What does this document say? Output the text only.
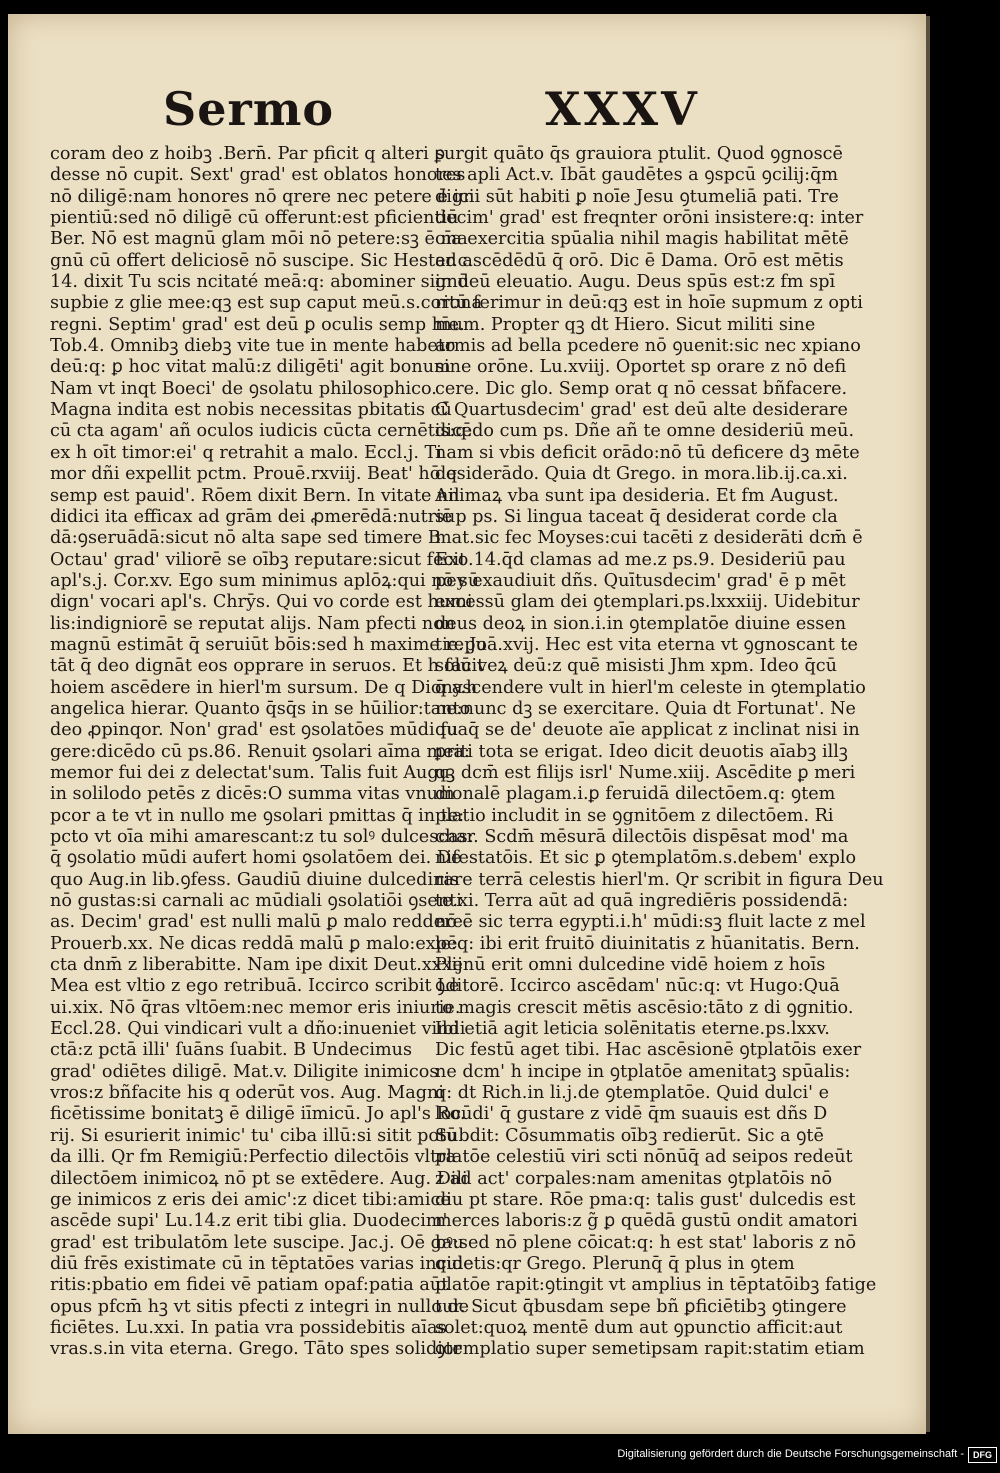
Sermo	XXXV
coram deo z hoibꝫ .Bern̄. Par pficit q alteri ꝑ
desse nō cupit. Sext' grad' est oblatos honores
nō diligē:nam honores nō qrere nec petere ē ici
pientiū:sed nō diligē cū offerunt:est pficientiū
Ber. Nō est magnū glam mōi nō petere:sꝫ ē ma
gnū cū offert deliciosē nō suscipe. Sic Hester.c.
14. dixit Tu scis ncitaté meā:q: abominer signū
supbie z glie mee:qꝫ est sup caput meū.s.corona
regni. Septim' grad' est deū ꝑ oculis semp hīe.
Tob.4. Omnibꝫ diebꝫ vite tue in mente habeto
deū:q: ꝑ hoc vitat malū:z diligēti' agit bonum
Nam vt inqt Boeci' de ꝯsolatu philosophico.
Magna indita est nobis necessitas pbitatis cū
cū cta agam' añ oculos iudicis cūcta cernētis:q:
ex h oīt timor:ei' q retrahit a malo. Eccl.j. Ti
mor dñi expellit pctm. Prouē.rxviij. Beat' hō q
semp est pauid'. Rōem dixit Bern. In vitate nil
didici ita efficax ad grām dei ꝓmerēdā:nutriē
dā:ꝯseruādā:sicut nō alta sape sed timere B
Octau' grad' viliorē se oībꝫ reputare:sicut fecit
apl's.j. Cor.xv. Ego sum minimus aplōꝝ:qui nō sū
dign' vocari apl's. Chrȳs. Qui vo corde est humi
lis:indigniorē se reputat alijs. Nam pfecti non
magnū estimāt q̄ seruiūt bōis:sed h maxime repu
tāt q̄ deo dignāt eos opprare in seruos. Et h facit
hoiem ascēdere in hierl'm sursum. De q Diony.h
angelica hierar. Quanto q̄sq̄s in se hūilior:tanto
deo ꝓpinqor. Non' grad' est ꝯsolatōes mūdi fu
gere:dicēdo cū ps.86. Renuit ꝯsolari aīma mea:
memor fui dei z delectat'sum. Talis fuit Augu.
in solilodo petēs z dicēs:O summa vitas vnum
pcor a te vt in nullo me ꝯsolari pmittas q̄ in te:
pcto vt oīa mihi amarescant:z tu solꝰ dulcescas:
q̄ ꝯsolatio mūdi aufert homi ꝯsolatōem dei. De
quo Aug.in lib.ꝯfess. Gaudiū diuine dulcedinis
nō gustas:si carnali ac mūdiali ꝯsolatiōi ꝯsenti
as. Decim' grad' est nulli malū ꝑ malo reddere.
Prouerb.xx. Ne dicas reddā malū ꝑ malo:expē
cta dnm̄ z liberabitte. Nam ipe dixit Deut.xxxij
Mea est vltio z ego retribuā. Iccirco scribit Le
ui.xix. Nō q̄ras vltōem:nec memor eris iniurie.
Eccl.28. Qui vindicari vult a dño:inueniet vindi
ctā:z pctā illi' ſuāns ſuabit. B Undecimus
grad' odiētes diligē. Mat.v. Diligite inimicos
vros:z bñfacite his q oderūt vos. Aug. Magni
ficētissime bonitatꝫ ē diligē iīmicū. Jo apl's Ro.
rij. Si esurierit inimic' tu' ciba illū:si sitit potū
da illi. Qr fm Remigiū:Perfectio dilectōis vltra
dilectōem inimicoꝝ nō pt se extēdere. Aug. Dili
ge inimicos z eris dei amic':z dicet tibi:amice
ascēde supi' Lu.14.z erit tibi glia. Duodecim'
grad' est tribulatōm lete suscipe. Jac.j. Oē gau
diū frēs existimate cū in tēptatōes varias incide
ritis:pbatio em fidei vē patiam opaf:patia aūt
opus pfcm̄ hꝫ vt sitis pfecti z integri in nullo de
ficiētes. Lu.xxi. In patia vra possidebitis aīas
vras.s.in vita eterna. Grego. Tāto spes solidior
surgit quāto q̄s grauiora ptulit. Quod ꝯgnoscē
tes apli Act.v. Ibāt gaudētes a ꝯspcū ꝯcilij:q̄m
digni sūt habiti ꝑ noīe Jesu ꝯtumeliā pati. Tre
decim' grad' est freqnter orōni insistere:q: inter
oīa exercitia spūalia nihil magis habilitat mētē
ad ascēdēdū q̄ orō. Dic ē Dama. Orō est mētis
in deū eleuatio. Augu. Deus spūs est:z fm spī
ritū ferimur in deū:qꝫ est in hoīe supmum z opti
mum. Propter qꝫ dt Hiero. Sicut militi sine
armis ad bella pcedere nō ꝯuenit:sic nec xpiano
sine orōne. Lu.xviij. Oportet sp orare z nō defi
cere. Dic glo. Semp orat q nō cessat bñfacere.
C Quartusdecim' grad' est deū alte desiderare
dicēdo cum ps. Dñe añ te omne desideriū meū.
nam si vbis deficit orādo:nō tū deficere dꝫ mēte
desiderādo. Quia dt Grego. in mora.lib.ij.ca.xi.
Animaꝝ vba sunt ipa desideria. Et fm August.
sup ps. Si lingua taceat q̄ desiderat corde cla
mat.sic fec Moyses:cui tacēti z desiderāti dcm̄ ē
Exo.14.q̄d clamas ad me.z ps.9. Desideriū pau
pey exaudiuit dñs. Quītusdecim' grad' ē p mēt
excessū glam dei ꝯtemplari.ps.lxxxiij. Uidebitur
deus deoꝝ in sion.i.in ꝯtemplatōe diuine essen
tie. Joā.xvij. Hec est vita eterna vt ꝯgnoscant te
solū veꝝ deū:z quē misisti Jhm xpm. Ideo q̄cū
q̄ ascendere vult in hierl'm celeste in ꝯtemplatio
ne:nunc dꝫ se exercitare. Quia dt Fortunat'. Ne
quaq̄ se de' deuote aīe applicat z inclinat nisi in
ꝑriti tota se erigat. Ideo dicit deuotis aīabꝫ illꝫ
qꝫ dcm̄ est filijs isrl' Nume.xiij. Ascēdite ꝑ meri
dionalē plagam.i.ꝑ feruidā dilectōem.q: ꝯtem
platio includit in se ꝯgnitōem z dilectōem. Ri
char. Scdm̄ mēsurā dilectōis dispēsat mod' ma
nifestatōis. Et sic ꝑ ꝯtemplatōm.s.debem' explo
rare terrā celestis hierl'm. Qr scribit in figura Deu
te.xi. Terra aūt ad quā ingrediēris possidendā:
nō ē sic terra egypti.i.h' mūdi:sꝫ fluit lacte z mel
le:q: ibi erit fruitō diuinitatis z hūanitatis. Bern.
Plenū erit omni dulcedine vidē hoiem z hoīs
ꝯditorē. Iccirco ascēdam' nūc:q: vt Hugo:Quā
to magis crescit mētis ascēsio:tāto z di ꝯgnitio.
Ibi etiā agit leticia solēnitatis eterne.ps.lxxv.
Dic festū aget tibi. Hac ascēsionē ꝯtplatōis exer
ne dcm' h incipe in ꝯtplatōe amenitatꝫ spūalis:
q: dt Rich.in li.j.de ꝯtemplatōe. Quid dulci' e
locūdi' q̄ gustare z vidē q̄m suauis est dñs D
Subdit: Cōsummatis oībꝫ redierūt. Sic a ꝯtē
platōe celestiū viri scti nōnūq̄ ad seipos redeūt
z ad act' corpales:nam amenitas ꝯtplatōis nō
diu pt stare. Rōe pma:q: talis gust' dulcedis est
merces laboris:z g̃ ꝑ quēdā gustū ondit amatori
bꝰ:sed nō plene cōicat:q: h est stat' laboris z nō
quietis:qr Grego. Plerunq̄ q̄ plus in ꝯtem
platōe rapit:ꝯtingit vt amplius in tēptatōibꝫ fatige
tur. Sicut q̄busdam sepe bñ ꝑficiētibꝫ ꝯtingere
solet:quoꝝ mentē dum aut ꝯpunctio afficit:aut
ꝯtemplatio super semetipsam rapit:statim etiam
Digitalisierung gefördert durch die Deutsche Forschungsgemeinschaft -	DFG
